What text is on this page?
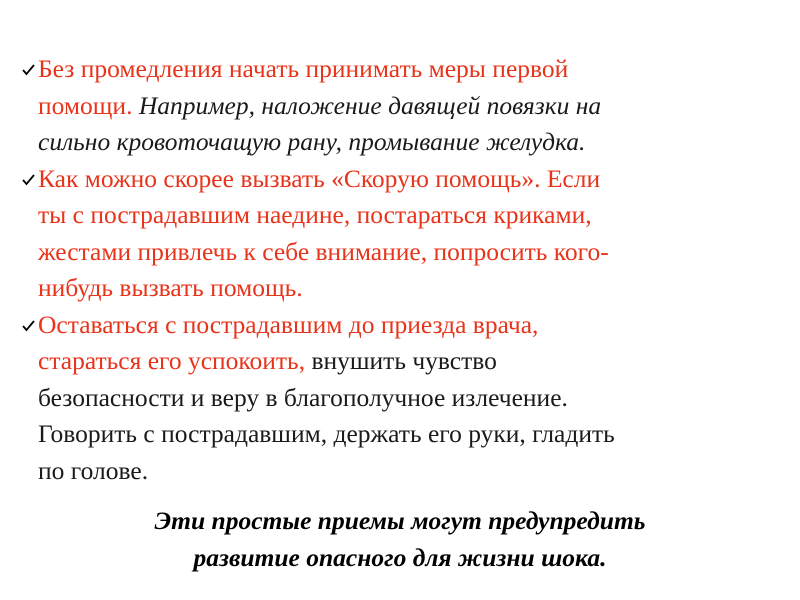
Без промедления начать принимать меры первой
помощи. Например, наложение давящей повязки на
сильно кровоточащую рану, промывание желудка.
Как можно скорее вызвать «Скорую помощь». Если
ты с пострадавшим наедине, постараться криками,
жестами привлечь к себе внимание, попросить кого-
нибудь вызвать помощь.
Оставаться с пострадавшим до приезда врача,
стараться его успокоить, внушить чувство
безопасности и веру в благополучное излечение.
Говорить с пострадавшим, держать его руки, гладить
по голове.
Эти простые приемы могут предупредить
развитие опасного для жизни шока.
